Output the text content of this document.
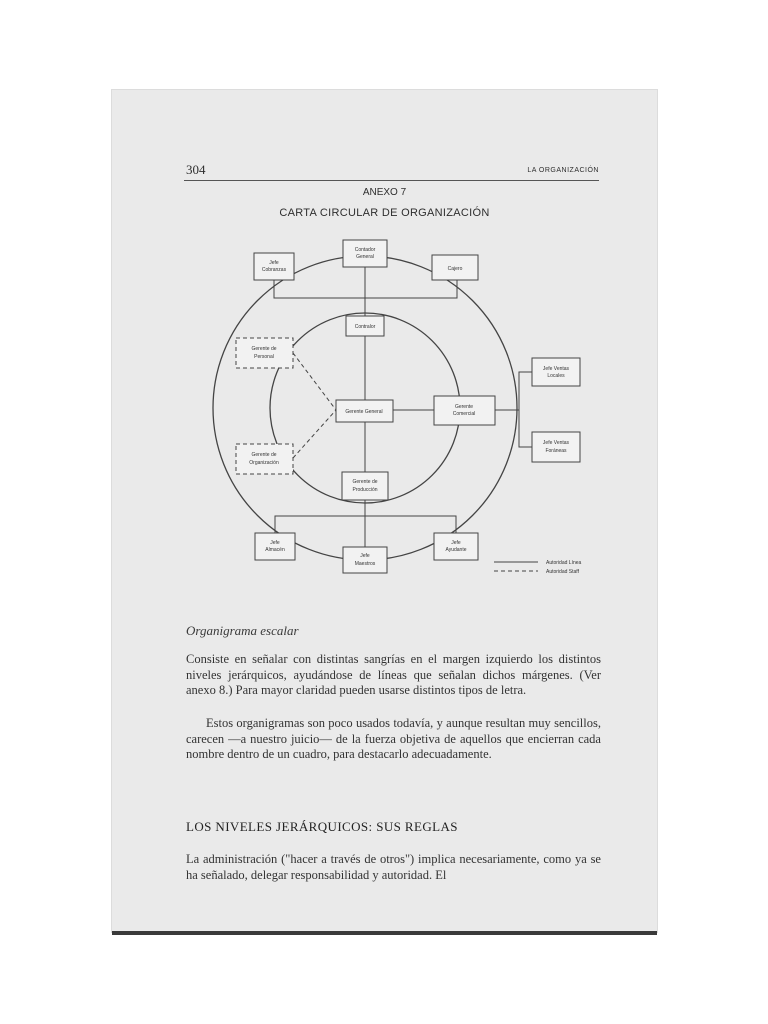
304	LA ORGANIZACIÓN
ANEXO 7
CARTA CIRCULAR DE ORGANIZACIÓN
Contador
General
Jefe
Cobranzas	Cajero
Contralor
Gerente de
Personal
Jefe Ventas
Locales
Gerente General
Gerente
Comercial
Jefe Ventas
Foráneas
Gerente de
Organización
Gerente de
Producción
Jefe
Almacén
Jefe
Maestros
Jefe
Ayudante
Autoridad Línea
Autoridad Staff
Organigrama escalar

Consiste en señalar con distintas sangrías en el margen izquierdo los distintos niveles jerárquicos, ayudándose de líneas que señalan dichos márgenes. (Ver anexo 8.) Para mayor claridad pueden usarse distintos tipos de letra.

Estos organigramas son poco usados todavía, y aunque resultan muy sencillos, carecen —a nuestro juicio— de la fuerza objetiva de aquellos que encierran cada nombre dentro de un cuadro, para destacarlo adecuadamente.

LOS NIVELES JERÁRQUICOS: SUS REGLAS

La administración ("hacer a través de otros") implica necesariamente, como ya se ha señalado, delegar responsabilidad y autoridad. El
